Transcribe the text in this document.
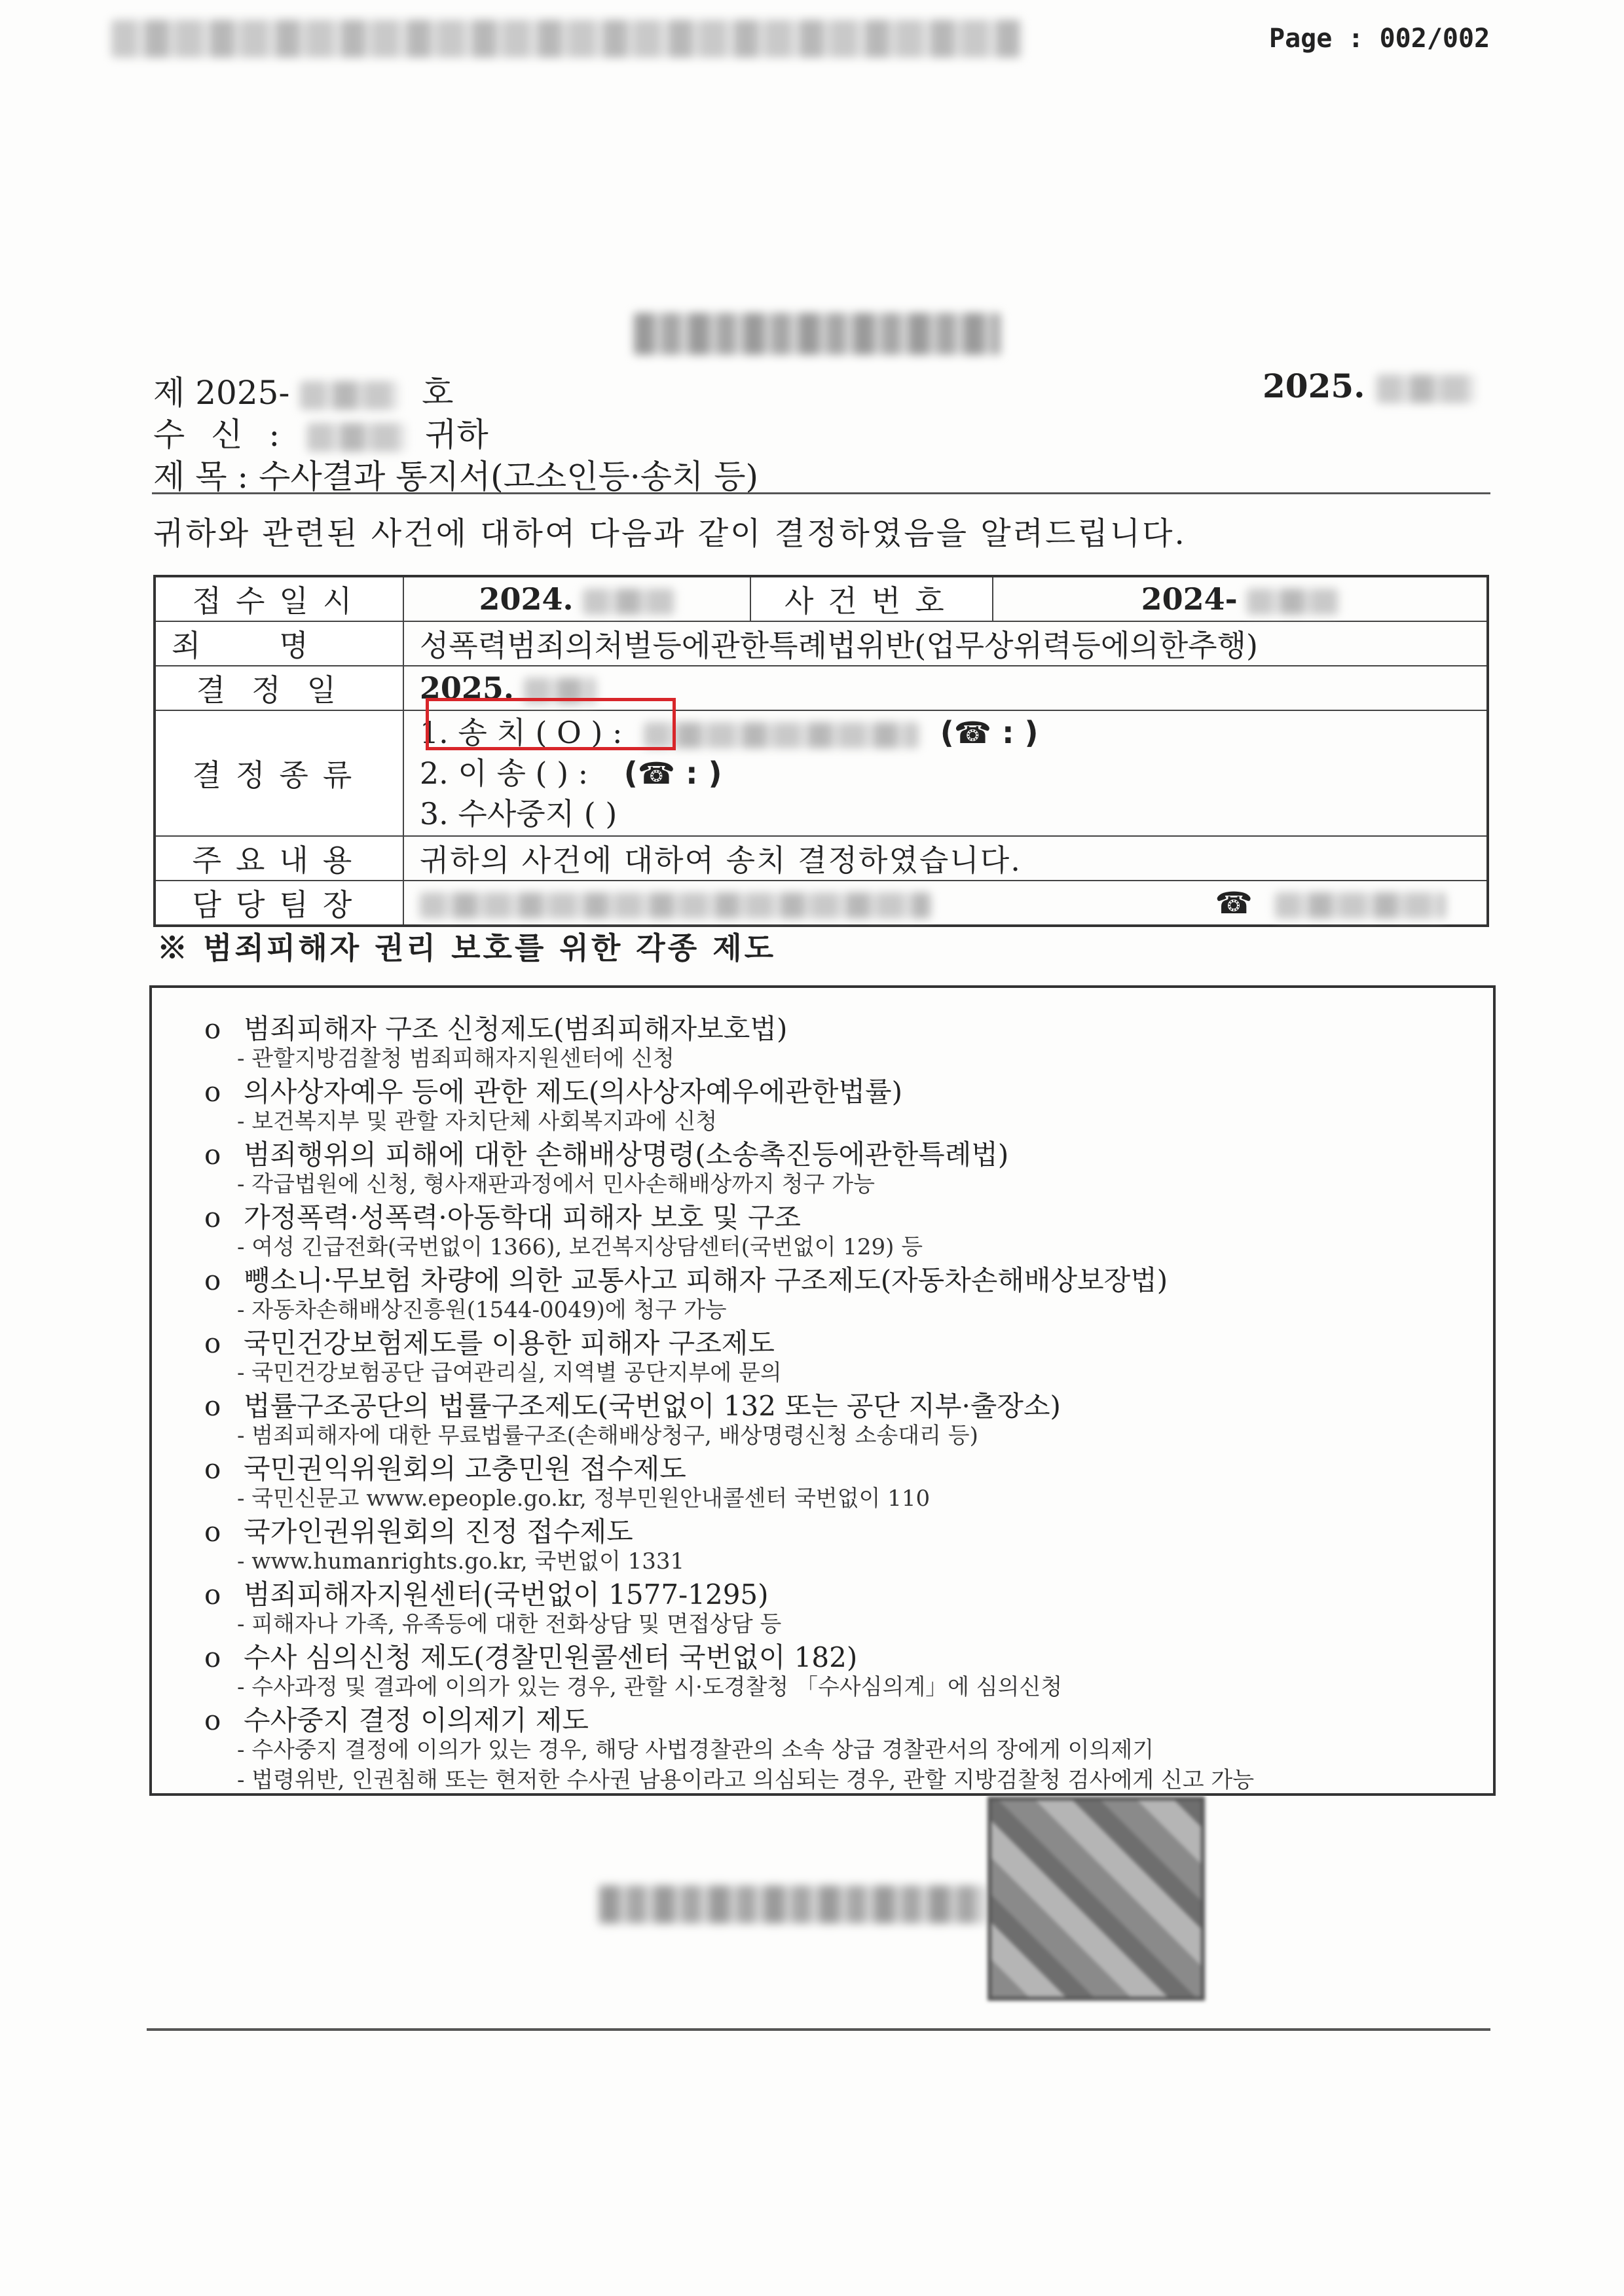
Page : 002/002
제 2025-	호	2025.
수 신 :	귀하
제 목 : 수사결과 통지서(고소인등·송치 등)
귀하와 관련된 사건에 대하여 다음과 같이 결정하였음을 알려드립니다.
접수일시	2024.	사건번호	2024-
죄명	성폭력범죄의처벌등에관한특례법위반(업무상위력등에의한추행)		
결정일	2025.		
결정종류	1. 송 치 ( O ) : (☎ : )
2. 이 송 ( ) : (☎ : )
3. 수사중지 ( )		

주요내용	귀하의 사건에 대하여 송치 결정하였습니다.		
담당팀장	☎		
※ 범죄피해자 권리 보호를 위한 각종 제도
o 범죄피해자 구조 신청제도(범죄피해자보호법)
- 관할지방검찰청 범죄피해자지원센터에 신청
o 의사상자예우 등에 관한 제도(의사상자예우에관한법률)
- 보건복지부 및 관할 자치단체 사회복지과에 신청
o 범죄행위의 피해에 대한 손해배상명령(소송촉진등에관한특례법)
- 각급법원에 신청, 형사재판과정에서 민사손해배상까지 청구 가능
o 가정폭력·성폭력·아동학대 피해자 보호 및 구조
- 여성 긴급전화(국번없이 1366), 보건복지상담센터(국번없이 129) 등
o 뺑소니·무보험 차량에 의한 교통사고 피해자 구조제도(자동차손해배상보장법)
- 자동차손해배상진흥원(1544-0049)에 청구 가능
o 국민건강보험제도를 이용한 피해자 구조제도
- 국민건강보험공단 급여관리실, 지역별 공단지부에 문의
o 법률구조공단의 법률구조제도(국번없이 132 또는 공단 지부·출장소)
- 범죄피해자에 대한 무료법률구조(손해배상청구, 배상명령신청 소송대리 등)
o 국민권익위원회의 고충민원 접수제도
- 국민신문고 www.epeople.go.kr, 정부민원안내콜센터 국번없이 110
o 국가인권위원회의 진정 접수제도
- www.humanrights.go.kr, 국번없이 1331
o 범죄피해자지원센터(국번없이 1577-1295)
- 피해자나 가족, 유족등에 대한 전화상담 및 면접상담 등
o 수사 심의신청 제도(경찰민원콜센터 국번없이 182)
- 수사과정 및 결과에 이의가 있는 경우, 관할 시·도경찰청 「수사심의계」에 심의신청
o 수사중지 결정 이의제기 제도
- 수사중지 결정에 이의가 있는 경우, 해당 사법경찰관의 소속 상급 경찰관서의 장에게 이의제기
- 법령위반, 인권침해 또는 현저한 수사권 남용이라고 의심되는 경우, 관할 지방검찰청 검사에게 신고 가능
